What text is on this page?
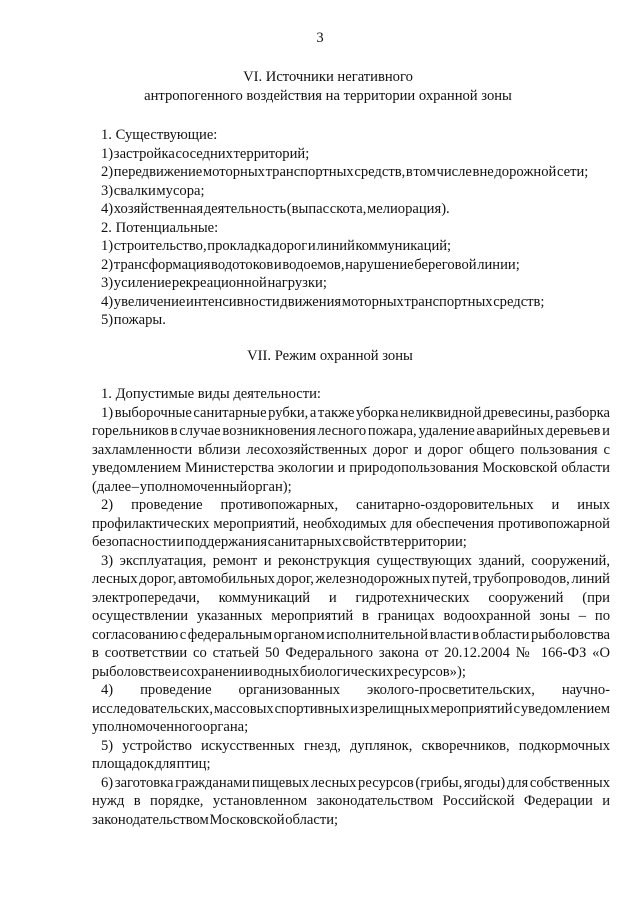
3
VI. Источники негативного
антропогенного воздействия на территории охранной зоны

1. Существующие:

1) застройка соседних территорий;

2) передвижение моторных транспортных средств, в том числе вне дорожной сети;

3) свалки мусора;

4) хозяйственная деятельность (выпас скота, мелиорация).

2. Потенциальные:

1) строительство, прокладка дорог и линий коммуникаций;

2) трансформация водотоков и водоемов, нарушение береговой линии;

3) усиление рекреационной нагрузки;

4) увеличение интенсивности движения моторных транспортных средств;

5) пожары.

VII. Режим охранной зоны

1. Допустимые виды деятельности:

1) выборочные санитарные рубки, а также уборка неликвидной древесины, разборка горельников в случае возникновения лесного пожара, удаление аварийных деревьев и захламленности вблизи лесохозяйственных дорог и дорог общего пользования с уведомлением Министерства экологии и природопользования Московской области (далее – уполномоченный орган);

2) проведение противопожарных, санитарно-оздоровительных и иных профилактических мероприятий, необходимых для обеспечения противопожарной безопасности и поддержания санитарных свойств территории;

3) эксплуатация, ремонт и реконструкция существующих зданий, сооружений, лесных дорог, автомобильных дорог, железнодорожных путей, трубопроводов, линий электропередачи, коммуникаций и гидротехнических сооружений (при осуществлении указанных мероприятий в границах водоохранной зоны – по согласованию с федеральным органом исполнительной власти в области рыболовства в соответствии со статьей 50 Федерального закона от 20.12.2004 № 166-ФЗ «О рыболовстве и сохранении водных биологических ресурсов»);

4) проведение организованных эколого-просветительских, научно-исследовательских, массовых спортивных и зрелищных мероприятий с уведомлением уполномоченного органа;

5) устройство искусственных гнезд, дуплянок, скворечников, подкормочных площадок для птиц;

6) заготовка гражданами пищевых лесных ресурсов (грибы, ягоды) для собственных нужд в порядке, установленном законодательством Российской Федерации и законодательством Московской области;
